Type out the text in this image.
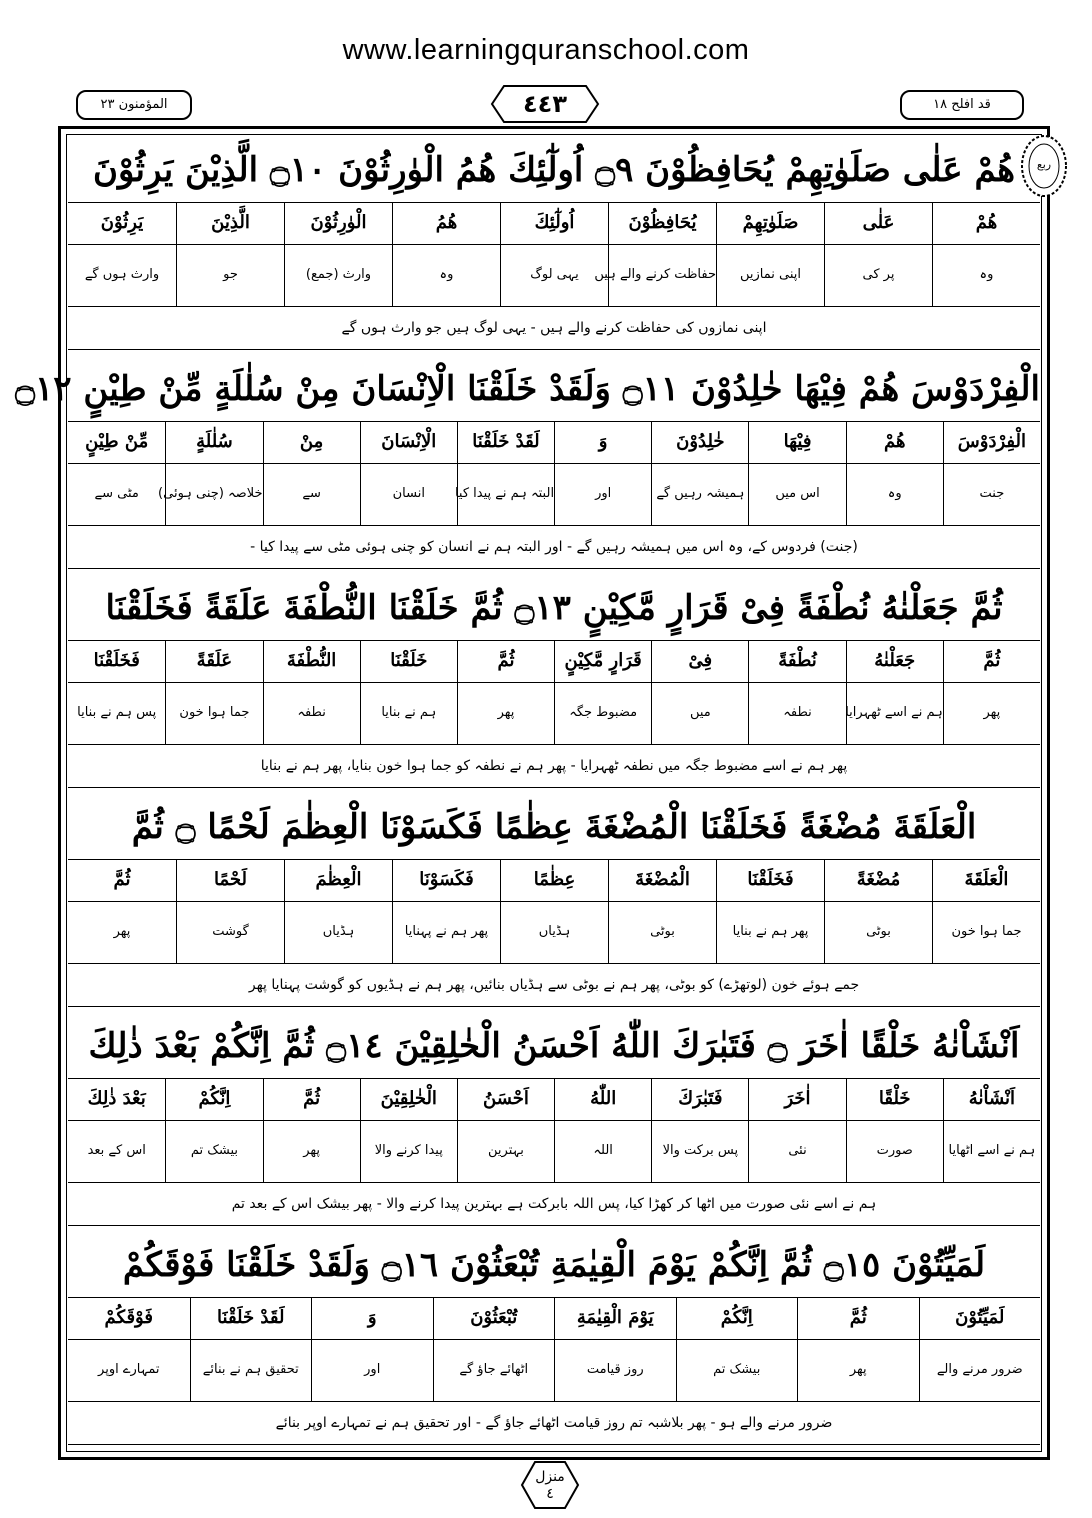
www.learningquranschool.com
المؤمنون ٢٣	٤٤٣	قد افلح ١٨
ربع
هُمْ عَلٰى صَلَوٰتِهِمْ يُحَافِظُوْنَ ۝٩ اُولٰٓئِكَ هُمُ الْوٰرِثُوْنَ ۝١٠ الَّذِيْنَ يَرِثُوْنَ
هُمْ
عَلٰى
صَلَوٰتِهِمْ
يُحَافِظُوْنَ
اُولٰٓئِكَ
هُمُ
الْوٰرِثُوْنَ
الَّذِيْنَ
يَرِثُوْنَ
وہ
پر کی
اپنی نمازیں
حفاظت کرنے والے ہیں
یہی لوگ
وہ
وارث (جمع)
جو
وارث ہوں گے
اپنی نمازوں کی حفاظت کرنے والے ہیں - یہی لوگ ہیں جو وارث ہوں گے
الْفِرْدَوْسَ هُمْ فِيْهَا خٰلِدُوْنَ ۝١١ وَلَقَدْ خَلَقْنَا الْاِنْسَانَ مِنْ سُلٰلَةٍ مِّنْ طِيْنٍ ۝١٢
الْفِرْدَوْسَ
هُمْ
فِيْهَا
خٰلِدُوْنَ
وَ
لَقَدْ خَلَقْنَا
الْاِنْسَانَ
مِنْ
سُلٰلَةٍ
مِّنْ طِيْنٍ
جنت
وہ
اس میں
ہمیشہ رہیں گے
اور
البتہ ہم نے پیدا کیا
انسان
سے
خلاصہ (چنی ہوئی)
مٹی سے
(جنت) فردوس کے، وہ اس میں ہمیشہ رہیں گے - اور البتہ ہم نے انسان کو چنی ہوئی مٹی سے پیدا کیا -
ثُمَّ جَعَلْنٰهُ نُطْفَةً فِىْ قَرَارٍ مَّكِيْنٍ ۝١٣ ثُمَّ خَلَقْنَا النُّطْفَةَ عَلَقَةً فَخَلَقْنَا
ثُمَّ
جَعَلْنٰهُ
نُطْفَةً
فِىْ
قَرَارٍ مَّكِيْنٍ
ثُمَّ
خَلَقْنَا
النُّطْفَةَ
عَلَقَةً
فَخَلَقْنَا
پھر
ہم نے اسے ٹھہرایا
نطفہ
میں
مضبوط جگہ
پھر
ہم نے بنایا
نطفہ
جما ہوا خون
پس ہم نے بنایا
پھر ہم نے اسے مضبوط جگہ میں نطفہ ٹھہرایا - پھر ہم نے نطفہ کو جما ہوا خون بنایا، پھر ہم نے بنایا
الْعَلَقَةَ مُضْغَةً فَخَلَقْنَا الْمُضْغَةَ عِظٰمًا فَكَسَوْنَا الْعِظٰمَ لَحْمًا ۝ ثُمَّ
الْعَلَقَةَ
مُضْغَةً
فَخَلَقْنَا
الْمُضْغَةَ
عِظٰمًا
فَكَسَوْنَا
الْعِظٰمَ
لَحْمًا
ثُمَّ
جما ہوا خون
بوٹی
پھر ہم نے بنایا
بوٹی
ہڈیاں
پھر ہم نے پہنایا
ہڈیاں
گوشت
پھر
جمے ہوئے خون (لوتھڑے) کو بوٹی، پھر ہم نے بوٹی سے ہڈیاں بنائیں، پھر ہم نے ہڈیوں کو گوشت پہنایا پھر
اَنْشَاْنٰهُ خَلْقًا اٰخَرَ ۝ فَتَبٰرَكَ اللّٰهُ اَحْسَنُ الْخٰلِقِيْنَ ۝١٤ ثُمَّ اِنَّكُمْ بَعْدَ ذٰلِكَ
اَنْشَاْنٰهُ
خَلْقًا
اٰخَرَ
فَتَبٰرَكَ
اللّٰهُ
اَحْسَنُ
الْخٰلِقِيْنَ
ثُمَّ
اِنَّكُمْ
بَعْدَ ذٰلِكَ
ہم نے اسے اٹھایا
صورت
نئی
پس برکت والا
اللہ
بہترین
پیدا کرنے والا
پھر
بیشک تم
اس کے بعد
ہم نے اسے نئی صورت میں اٹھا کر کھڑا کیا، پس اللہ بابرکت ہے بہترین پیدا کرنے والا - پھر بیشک اس کے بعد تم
لَمَيِّتُوْنَ ۝١٥ ثُمَّ اِنَّكُمْ يَوْمَ الْقِيٰمَةِ تُبْعَثُوْنَ ۝١٦ وَلَقَدْ خَلَقْنَا فَوْقَكُمْ
لَمَيِّتُوْنَ
ثُمَّ
اِنَّكُمْ
يَوْمَ الْقِيٰمَةِ
تُبْعَثُوْنَ
وَ
لَقَدْ خَلَقْنَا
فَوْقَكُمْ
ضرور مرنے والے
پھر
بیشک تم
روز قیامت
اٹھائے جاؤ گے
اور
تحقیق ہم نے بنائے
تمہارے اوپر
ضرور مرنے والے ہو - پھر بلاشبہ تم روز قیامت اٹھائے جاؤ گے - اور تحقیق ہم نے تمہارے اوپر بنائے
منزل
٤
